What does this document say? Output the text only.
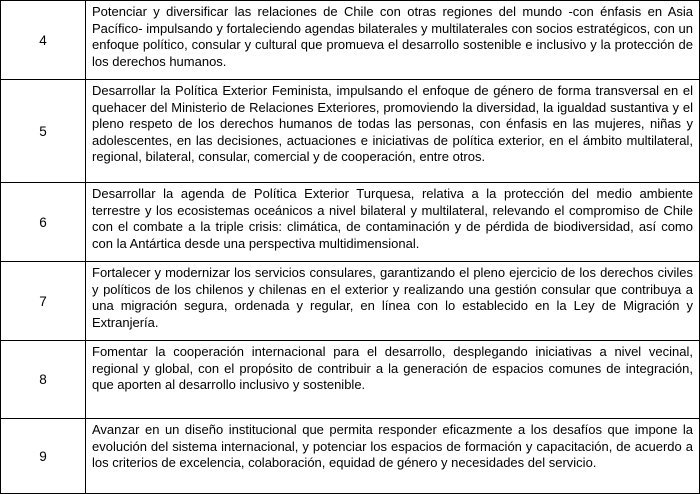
4	Potenciar y diversificar las relaciones de Chile con otras regiones del mundo -con énfasis en Asia Pacífico- impulsando y fortaleciendo agendas bilaterales y multilaterales con socios estratégicos, con un enfoque político, consular y cultural que promueva el desarrollo sostenible e inclusivo y la protección de los derechos humanos.
5	Desarrollar la Política Exterior Feminista, impulsando el enfoque de género de forma transversal en el quehacer del Ministerio de Relaciones Exteriores, promoviendo la diversidad, la igualdad sustantiva y el pleno respeto de los derechos humanos de todas las personas, con énfasis en las mujeres, niñas y adolescentes, en las decisiones, actuaciones e iniciativas de política exterior, en el ámbito multilateral, regional, bilateral, consular, comercial y de cooperación, entre otros.
6	Desarrollar la agenda de Política Exterior Turquesa, relativa a la protección del medio ambiente terrestre y los ecosistemas oceánicos a nivel bilateral y multilateral, relevando el compromiso de Chile con el combate a la triple crisis: climática, de contaminación y de pérdida de biodiversidad, así como con la Antártica desde una perspectiva multidimensional.
7	Fortalecer y modernizar los servicios consulares, garantizando el pleno ejercicio de los derechos civiles y políticos de los chilenos y chilenas en el exterior y realizando una gestión consular que contribuya a una migración segura, ordenada y regular, en línea con lo establecido en la Ley de Migración y Extranjería.
8	Fomentar la cooperación internacional para el desarrollo, desplegando iniciativas a nivel vecinal, regional y global, con el propósito de contribuir a la generación de espacios comunes de integración, que aporten al desarrollo inclusivo y sostenible.
9	Avanzar en un diseño institucional que permita responder eficazmente a los desafíos que impone la evolución del sistema internacional, y potenciar los espacios de formación y capacitación, de acuerdo a los criterios de excelencia, colaboración, equidad de género y necesidades del servicio.
